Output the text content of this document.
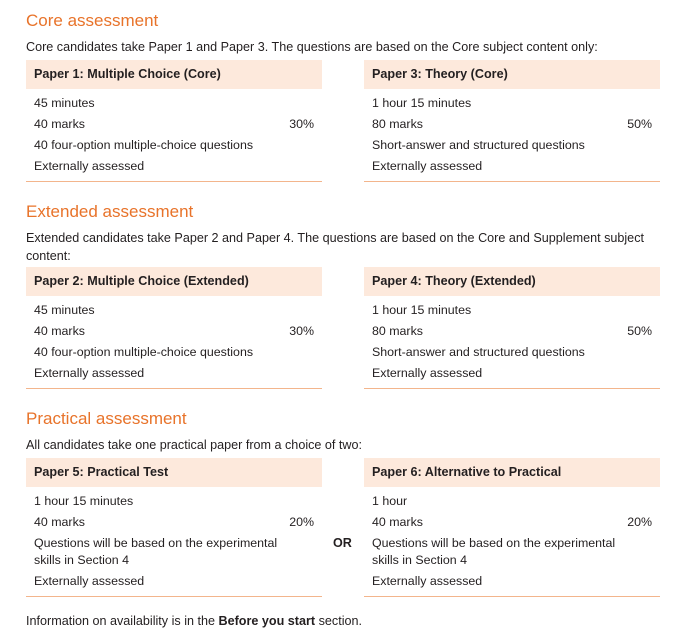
Core assessment

Core candidates take Paper 1 and Paper 3. The questions are based on the Core subject content only:

Paper 1: Multiple Choice (Core)
45 minutes
40 marks	30%
40 four-option multiple-choice questions
Externally assessed
Paper 3: Theory (Core)
1 hour 15 minutes
80 marks	50%
Short-answer and structured questions
Externally assessed
Extended assessment

Extended candidates take Paper 2 and Paper 4. The questions are based on the Core and Supplement subject content:

Paper 2: Multiple Choice (Extended)
45 minutes
40 marks	30%
40 four-option multiple-choice questions
Externally assessed
Paper 4: Theory (Extended)
1 hour 15 minutes
80 marks	50%
Short-answer and structured questions
Externally assessed
Practical assessment

All candidates take one practical paper from a choice of two:

Paper 5: Practical Test
1 hour 15 minutes
40 marks	20%
Questions will be based on the experimental skills in Section 4
Externally assessed
OR
Paper 6: Alternative to Practical
1 hour
40 marks	20%
Questions will be based on the experimental skills in Section 4
Externally assessed

Information on availability is in the Before you start section.
